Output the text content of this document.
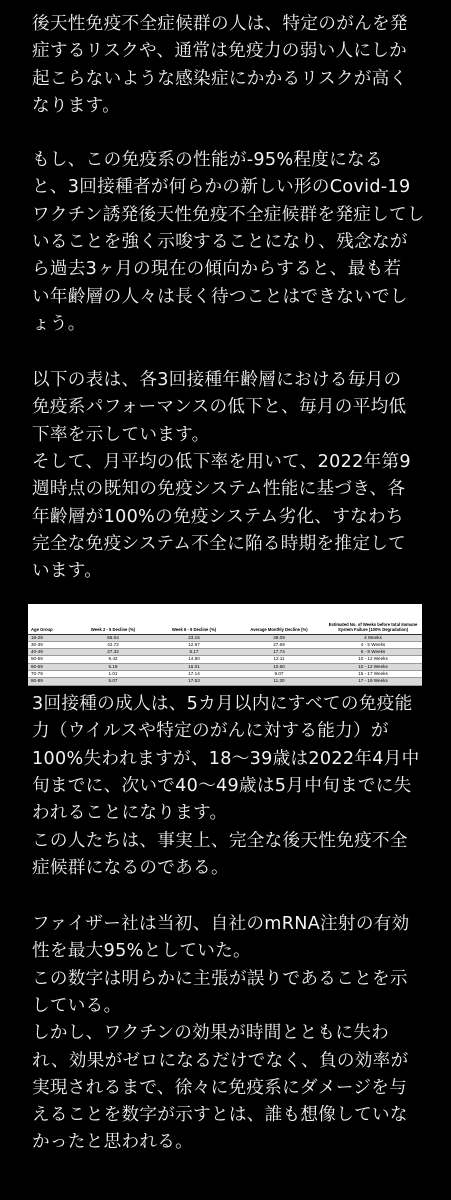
後天性免疫不全症候群の人は、特定のがんを発
症するリスクや、通常は免疫力の弱い人にしか
起こらないような感染症にかかるリスクが高く
なります。
もし、この免疫系の性能が-95%程度になる
と、3回接種者が何らかの新しい形のCovid-19
ワクチン誘発後天性免疫不全症候群を発症してし
いることを強く示唆することになり、残念なが
ら過去3ヶ月の現在の傾向からすると、最も若
い年齢層の人々は長く待つことはできないでし
ょう。
以下の表は、各3回接種年齢層における毎月の
免疫系パフォーマンスの低下と、毎月の平均低
下率を示しています。
そして、月平均の低下率を用いて、2022年第9
週時点の既知の免疫システム性能に基づき、各
年齢層が100%の免疫システム劣化、すなわち
完全な免疫システム不全に陥る時期を推定して
います。
3回接種の成人は、5カ月以内にすべての免疫能
力（ウイルスや特定のがんに対する能力）が
100%失われますが、18〜39歳は2022年4月中
旬までに、次いで40〜49歳は5月中旬までに失
われることになります。
この人たちは、事実上、完全な後天性免疫不全
症候群になるのである。
ファイザー社は当初、自社のmRNA注射の有効
性を最大95%としていた。
この数字は明らかに主張が誤りであることを示
している。
しかし、ワクチンの効果が時間とともに失わ
れ、効果がゼロになるだけでなく、負の効率が
実現されるまで、徐々に免疫系にダメージを与
えることを数字が示すとは、誰も想像していな
かったと思われる。
Age Group	Week 2 - 5 Decline (%)	Week 6 - 9 Decline (%)	Average Monthly Decline (%)	Estimated No. of Weeks before total Immune System Failure (100% Degradation)
18-29	55.04	23.15	39.09	4 Weeks
30-39	42.72	12.67	27.69	4 - 5 Weeks
40-49	27.32	8.17	17.74	6 - 8 Weeks
50-59	9.42	14.80	12.11	10 - 12 Weeks
60-69	5.19	16.01	10.60	10 - 12 Weeks
70-79	1.01	17.14	9.07	15 - 17 Weeks
80-89	5.07	17.53	11.30	17 - 19 Weeks
